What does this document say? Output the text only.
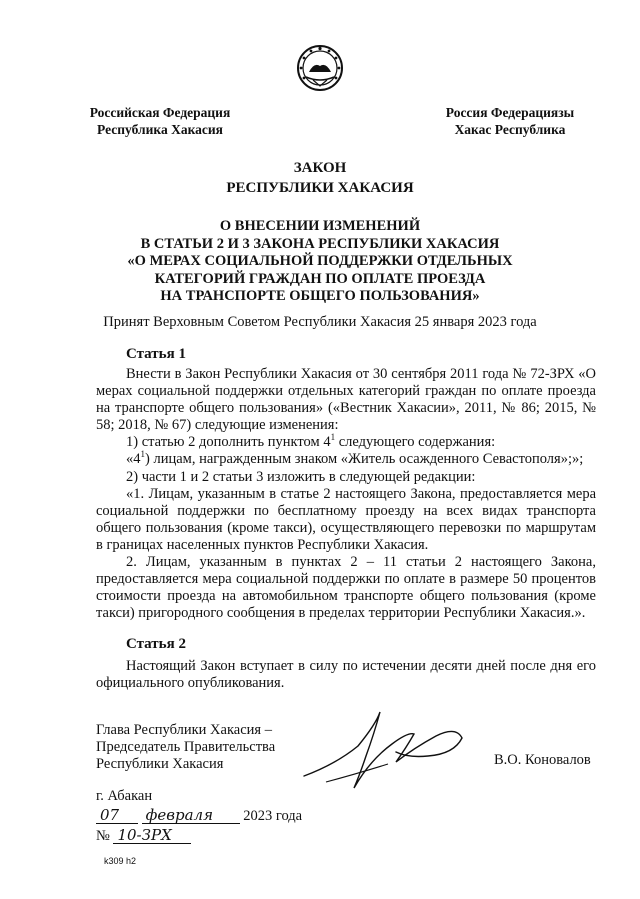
Российская Федерация
Республика Хакасия
Россия Федерациязы
Хакас Республика
ЗАКОН
РЕСПУБЛИКИ ХАКАСИЯ
О ВНЕСЕНИИ ИЗМЕНЕНИЙ
В СТАТЬИ 2 И 3 ЗАКОНА РЕСПУБЛИКИ ХАКАСИЯ
«О МЕРАХ СОЦИАЛЬНОЙ ПОДДЕРЖКИ ОТДЕЛЬНЫХ
КАТЕГОРИЙ ГРАЖДАН ПО ОПЛАТЕ ПРОЕЗДА
НА ТРАНСПОРТЕ ОБЩЕГО ПОЛЬЗОВАНИЯ»
Принят Верховным Советом Республики Хакасия 25 января 2023 года
Статья 1

Внести в Закон Республики Хакасия от 30 сентября 2011 года № 72-ЗРХ «О мерах социальной поддержки отдельных категорий граждан по оплате проезда на транспорте общего пользования» («Вестник Хакасии», 2011, № 86; 2015, № 58; 2018, № 67) следующие изменения:

1) статью 2 дополнить пунктом $4^1$ следующего содержания:

«$4^1$) лицам, награжденным знаком «Житель осажденного Севастополя»;»;

2) части 1 и 2 статьи 3 изложить в следующей редакции:

«1. Лицам, указанным в статье 2 настоящего Закона, предоставляется мера социальной поддержки по бесплатному проезду на всех видах транспорта общего пользования (кроме такси), осуществляющего перевозки по маршрутам в границах населенных пунктов Республики Хакасия.

2. Лицам, указанным в пунктах 2 – 11 статьи 2 настоящего Закона, предоставляется мера социальной поддержки по оплате в размере 50 процентов стоимости проезда на автомобильном транспорте общего пользования (кроме такси) пригородного сообщения в пределах территории Республики Хакасия.».

Статья 2

Настоящий Закон вступает в силу по истечении десяти дней после дня его официального опубликования.

Глава Республики Хакасия –
Председатель Правительства
Республики Хакасия	В.О. Коновалов
г. Абакан
07 февраля 2023 года
№ 10-ЗРХ
k309 h2
